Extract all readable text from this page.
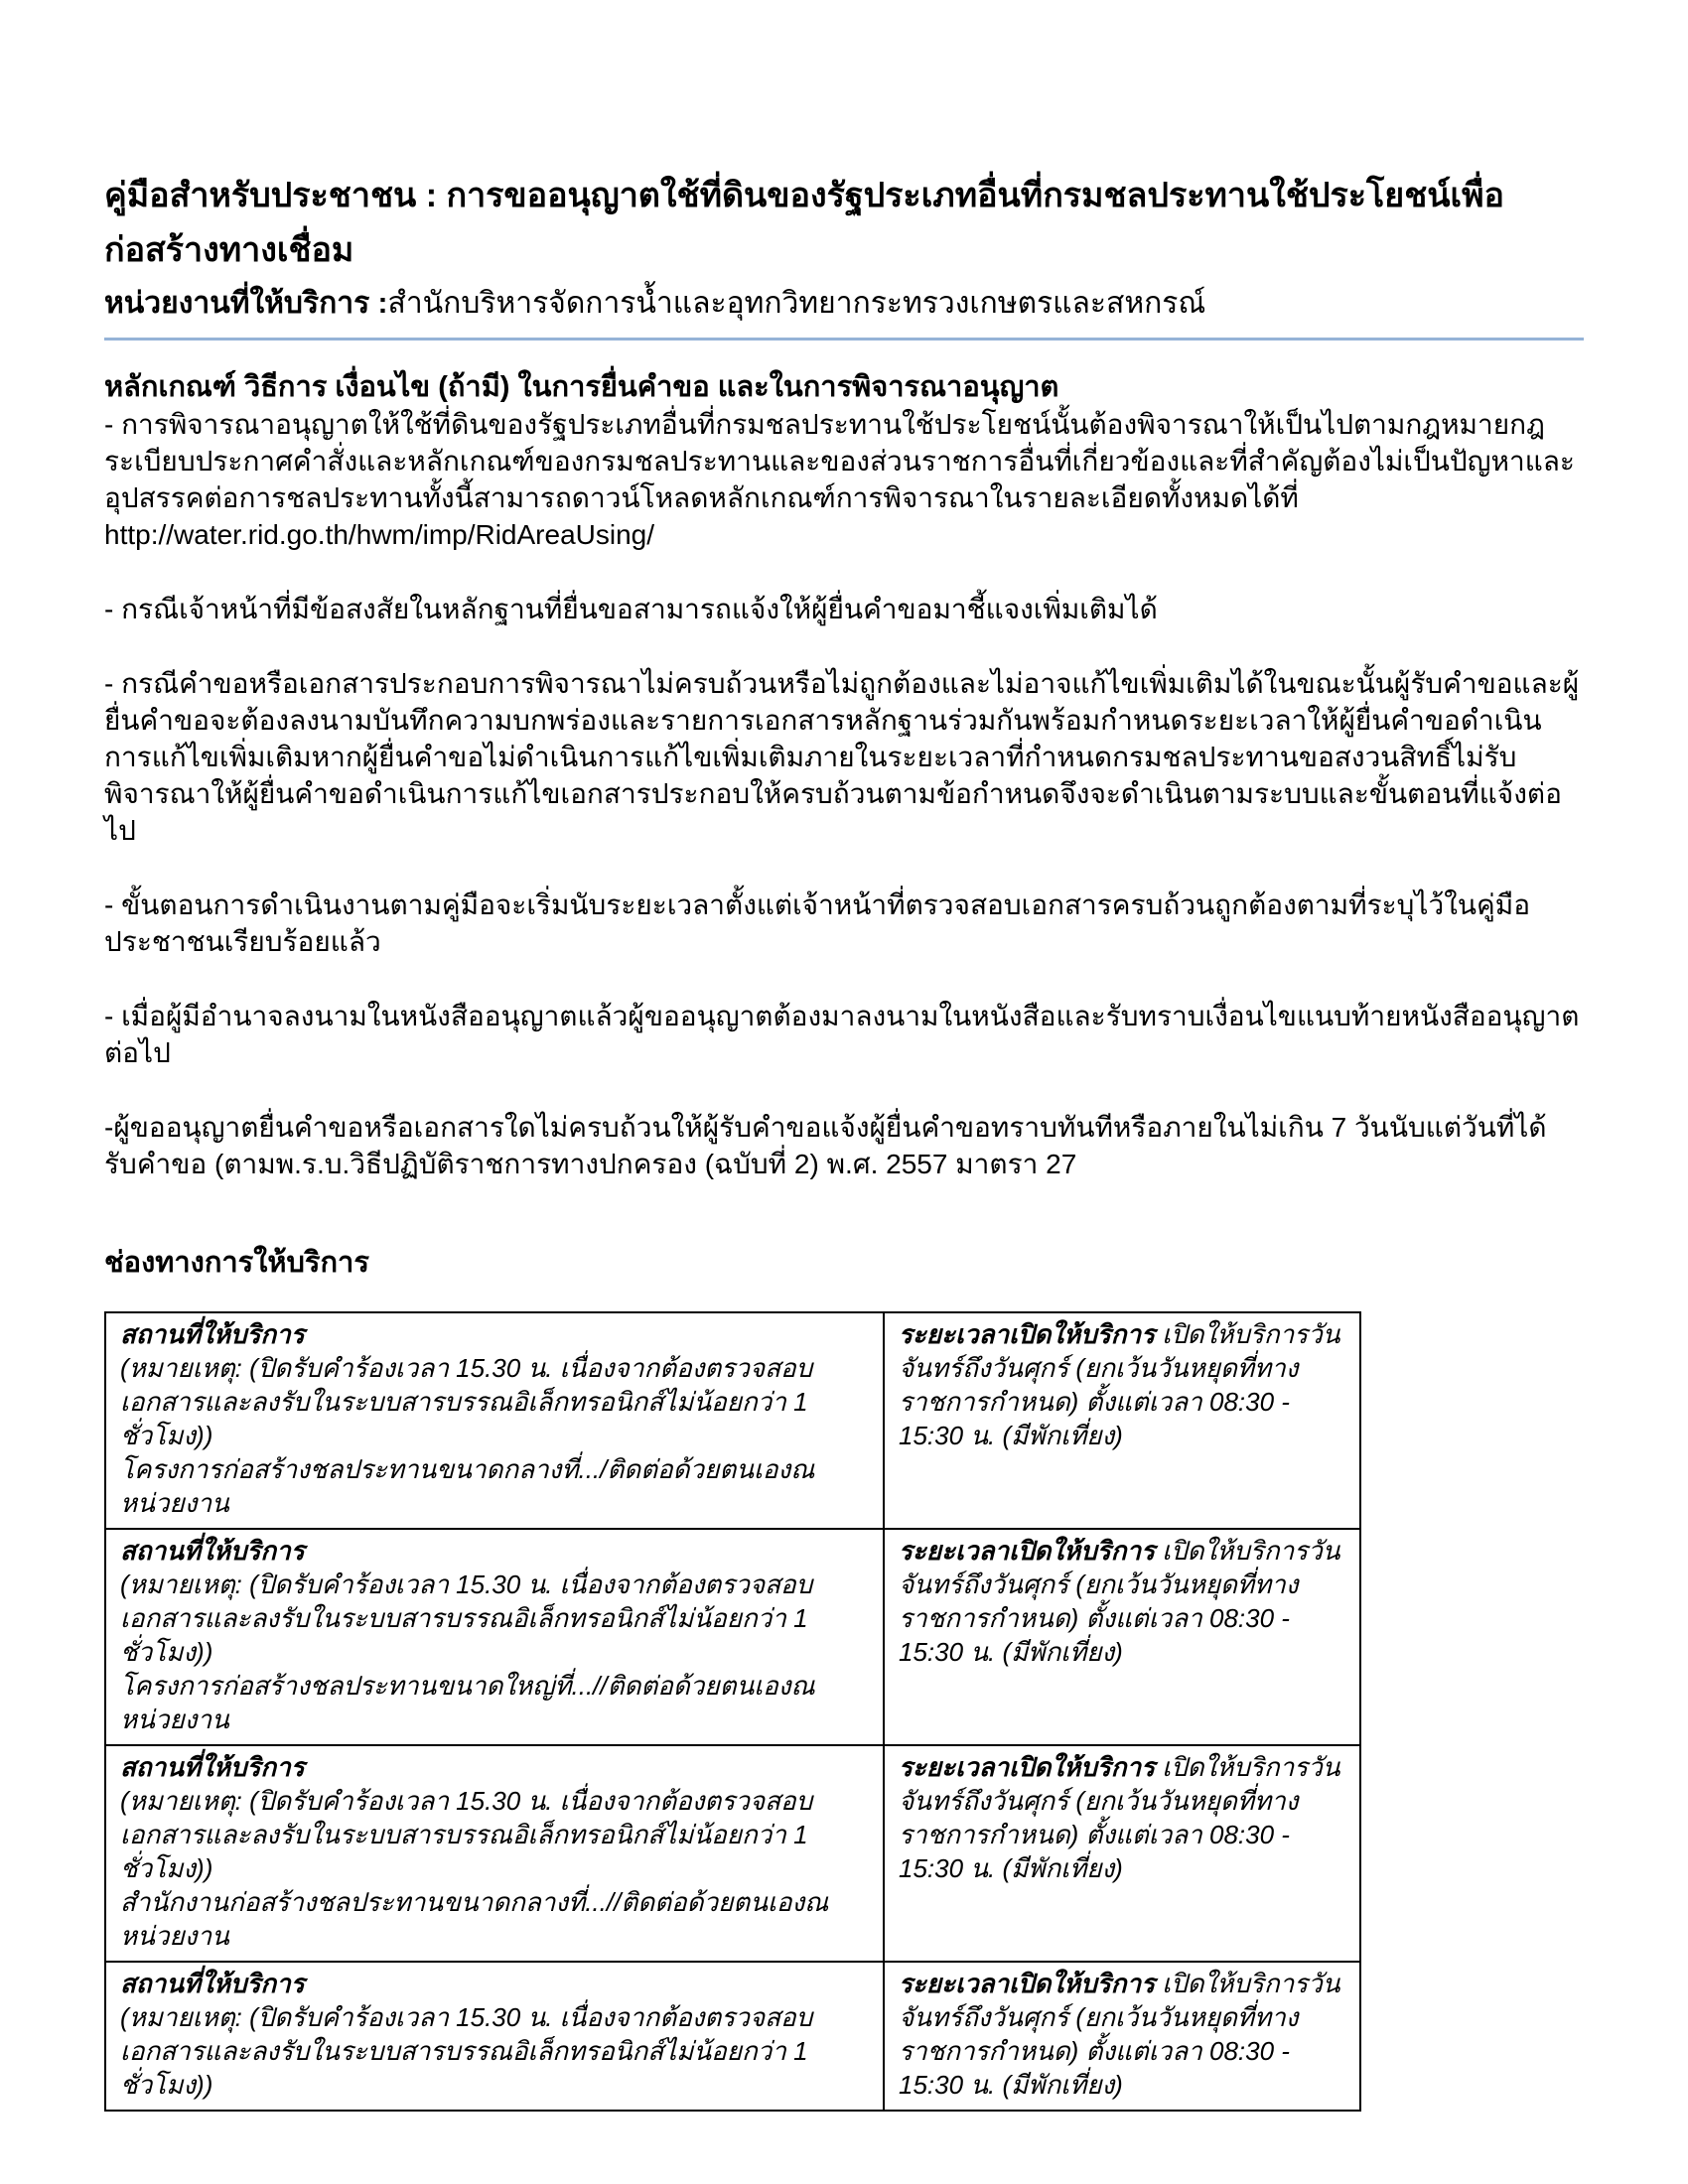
คู่มือสำหรับประชาชน : การขออนุญาตใช้ที่ดินของรัฐประเภทอื่นที่กรมชลประทานใช้ประโยชน์เพื่อก่อสร้างทางเชื่อม
หน่วยงานที่ให้บริการ :สำนักบริหารจัดการน้ำและอุทกวิทยากระทรวงเกษตรและสหกรณ์
หลักเกณฑ์ วิธีการ เงื่อนไข (ถ้ามี) ในการยื่นคำขอ และในการพิจารณาอนุญาต

- การพิจารณาอนุญาตให้ใช้ที่ดินของรัฐประเภทอื่นที่กรมชลประทานใช้ประโยชน์นั้นต้องพิจารณาให้เป็นไปตามกฎหมายกฎระเบียบประกาศคำสั่งและหลักเกณฑ์ของกรมชลประทานและของส่วนราชการอื่นที่เกี่ยวข้องและที่สำคัญต้องไม่เป็นปัญหาและอุปสรรคต่อการชลประทานทั้งนี้สามารถดาวน์โหลดหลักเกณฑ์การพิจารณาในรายละเอียดทั้งหมดได้ที่

http://water.rid.go.th/hwm/imp/RidAreaUsing/

- กรณีเจ้าหน้าที่มีข้อสงสัยในหลักฐานที่ยื่นขอสามารถแจ้งให้ผู้ยื่นคำขอมาชี้แจงเพิ่มเติมได้

- กรณีคำขอหรือเอกสารประกอบการพิจารณาไม่ครบถ้วนหรือไม่ถูกต้องและไม่อาจแก้ไขเพิ่มเติมได้ในขณะนั้นผู้รับคำขอและผู้ยื่นคำขอจะต้องลงนามบันทึกความบกพร่องและรายการเอกสารหลักฐานร่วมกันพร้อมกำหนดระยะเวลาให้ผู้ยื่นคำขอดำเนินการแก้ไขเพิ่มเติมหากผู้ยื่นคำขอไม่ดำเนินการแก้ไขเพิ่มเติมภายในระยะเวลาที่กำหนดกรมชลประทานขอสงวนสิทธิ์ไม่รับพิจารณาให้ผู้ยื่นคำขอดำเนินการแก้ไขเอกสารประกอบให้ครบถ้วนตามข้อกำหนดจึงจะดำเนินตามระบบและขั้นตอนที่แจ้งต่อไป

- ขั้นตอนการดำเนินงานตามคู่มือจะเริ่มนับระยะเวลาตั้งแต่เจ้าหน้าที่ตรวจสอบเอกสารครบถ้วนถูกต้องตามที่ระบุไว้ในคู่มือประชาชนเรียบร้อยแล้ว

- เมื่อผู้มีอำนาจลงนามในหนังสืออนุญาตแล้วผู้ขออนุญาตต้องมาลงนามในหนังสือและรับทราบเงื่อนไขแนบท้ายหนังสืออนุญาตต่อไป

-ผู้ขออนุญาตยื่นคำขอหรือเอกสารใดไม่ครบถ้วนให้ผู้รับคำขอแจ้งผู้ยื่นคำขอทราบทันทีหรือภายในไม่เกิน 7 วันนับแต่วันที่ได้รับคำขอ (ตามพ.ร.บ.วิธีปฏิบัติราชการทางปกครอง (ฉบับที่ 2) พ.ศ. 2557 มาตรา 27

ช่องทางการให้บริการ
สถานที่ให้บริการ
(หมายเหตุ: (ปิดรับคำร้องเวลา 15.30 น. เนื่องจากต้องตรวจสอบเอกสารและลงรับในระบบสารบรรณอิเล็กทรอนิกส์ไม่น้อยกว่า 1 ชั่วโมง))
โครงการก่อสร้างชลประทานขนาดกลางที่.../ติดต่อด้วยตนเองณหน่วยงาน	ระยะเวลาเปิดให้บริการ เปิดให้บริการวันจันทร์ถึงวันศุกร์ (ยกเว้นวันหยุดที่ทางราชการกำหนด) ตั้งแต่เวลา 08:30 - 15:30 น. (มีพักเที่ยง)

สถานที่ให้บริการ
(หมายเหตุ: (ปิดรับคำร้องเวลา 15.30 น. เนื่องจากต้องตรวจสอบเอกสารและลงรับในระบบสารบรรณอิเล็กทรอนิกส์ไม่น้อยกว่า 1 ชั่วโมง))
โครงการก่อสร้างชลประทานขนาดใหญ่ที่...//ติดต่อด้วยตนเองณหน่วยงาน	ระยะเวลาเปิดให้บริการ เปิดให้บริการวันจันทร์ถึงวันศุกร์ (ยกเว้นวันหยุดที่ทางราชการกำหนด) ตั้งแต่เวลา 08:30 - 15:30 น. (มีพักเที่ยง)

สถานที่ให้บริการ
(หมายเหตุ: (ปิดรับคำร้องเวลา 15.30 น. เนื่องจากต้องตรวจสอบเอกสารและลงรับในระบบสารบรรณอิเล็กทรอนิกส์ไม่น้อยกว่า 1 ชั่วโมง))
สำนักงานก่อสร้างชลประทานขนาดกลางที่...//ติดต่อด้วยตนเองณหน่วยงาน	ระยะเวลาเปิดให้บริการ เปิดให้บริการวันจันทร์ถึงวันศุกร์ (ยกเว้นวันหยุดที่ทางราชการกำหนด) ตั้งแต่เวลา 08:30 - 15:30 น. (มีพักเที่ยง)

สถานที่ให้บริการ
(หมายเหตุ: (ปิดรับคำร้องเวลา 15.30 น. เนื่องจากต้องตรวจสอบเอกสารและลงรับในระบบสารบรรณอิเล็กทรอนิกส์ไม่น้อยกว่า 1 ชั่วโมง))	ระยะเวลาเปิดให้บริการ เปิดให้บริการวันจันทร์ถึงวันศุกร์ (ยกเว้นวันหยุดที่ทางราชการกำหนด) ตั้งแต่เวลา 08:30 - 15:30 น. (มีพักเที่ยง)
